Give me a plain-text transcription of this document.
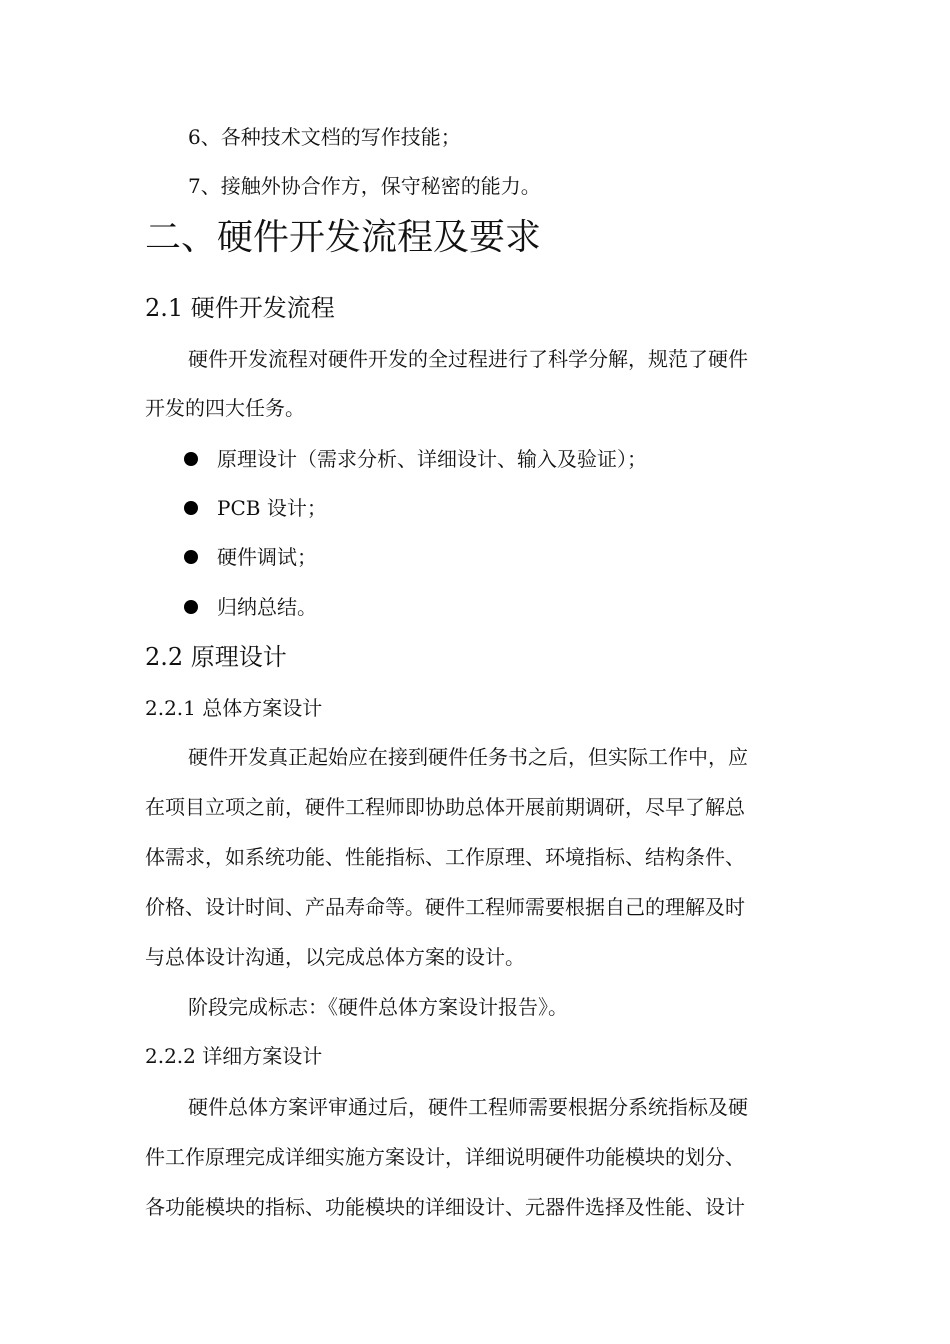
6、各种技术文档的写作技能；
7、接触外协合作方，保守秘密的能力。
二、硬件开发流程及要求
2.1 硬件开发流程
硬件开发流程对硬件开发的全过程进行了科学分解，规范了硬件
开发的四大任务。
原理设计（需求分析、详细设计、输入及验证）；
PCB 设计；
硬件调试；
归纳总结。
2.2 原理设计
2.2.1 总体方案设计
硬件开发真正起始应在接到硬件任务书之后，但实际工作中，应
在项目立项之前，硬件工程师即协助总体开展前期调研，尽早了解总
体需求，如系统功能、性能指标、工作原理、环境指标、结构条件、
价格、设计时间、产品寿命等。硬件工程师需要根据自己的理解及时
与总体设计沟通，以完成总体方案的设计。
阶段完成标志：《硬件总体方案设计报告》。
2.2.2 详细方案设计
硬件总体方案评审通过后，硬件工程师需要根据分系统指标及硬
件工作原理完成详细实施方案设计，详细说明硬件功能模块的划分、
各功能模块的指标、功能模块的详细设计、元器件选择及性能、设计
